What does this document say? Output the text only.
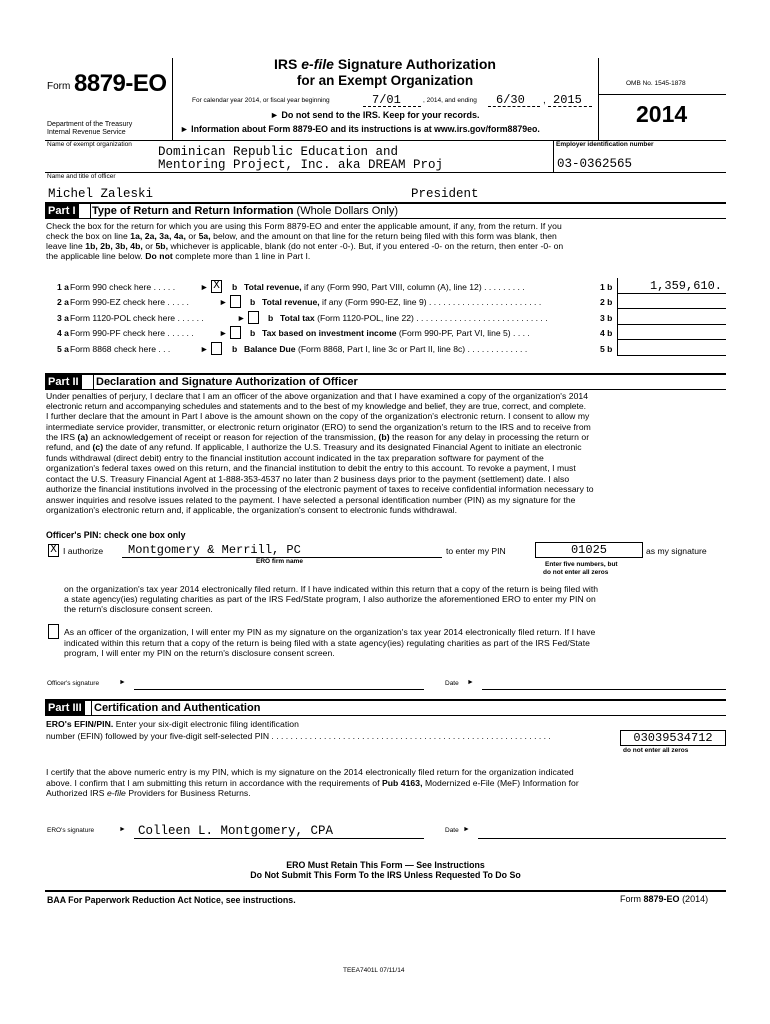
Form 8879-EO
Department of the Treasury
Internal Revenue Service
IRS e-file Signature Authorization
for an Exempt Organization
For calendar year 2014, or fiscal year beginning	7/01	, 2014, and ending 6/30 , 2015
► Do not send to the IRS. Keep for your records.
► Information about Form 8879-EO and its instructions is at www.irs.gov/form8879eo.
OMB No. 1545-1878
2014
Name of exempt organization
Dominican Republic Education and
Mentoring Project, Inc. aka DREAM Proj
Employer identification number
03-0362565
Name and title of officer
Michel Zaleski	President
Part I Type of Return and Return Information (Whole Dollars Only)
Check the box for the return for which you are using this Form 8879-EO and enter the applicable amount, if any, from the return. If you
check the box on line 1a, 2a, 3a, 4a, or 5a, below, and the amount on that line for the return being filed with this form was blank, then
leave line 1b, 2b, 3b, 4b, or 5b, whichever is applicable, blank (do not enter -0-). But, if you entered -0- on the return, then enter -0- on
the applicable line below. Do not complete more than 1 line in Part I.
1 a Form 990 check here . . . . .	► X b Total revenue, if any (Form 990, Part VIII, column (A), line 12) . . . . . . . . .	1 b	1,359,610.
2 a Form 990-EZ check here . . . . .	►	b Total revenue, if any (Form 990-EZ, line 9) . . . . . . . . . . . . . . . . . . . . . . . .	2 b
3 a Form 1120-POL check here . . . . . .	►	b Total tax (Form 1120-POL, line 22) . . . . . . . . . . . . . . . . . . . . . . . . . . . .	3 b
4 a Form 990-PF check here . . . . . .	►	b Tax based on investment income (Form 990-PF, Part VI, line 5) . . . .	4 b
5 a Form 8868 check here . . .	►	b Balance Due (Form 8868, Part I, line 3c or Part II, line 8c) . . . . . . . . . . . . .	5 b
Part II Declaration and Signature Authorization of Officer
Under penalties of perjury, I declare that I am an officer of the above organization and that I have examined a copy of the organization's 2014
electronic return and accompanying schedules and statements and to the best of my knowledge and belief, they are true, correct, and complete.
I further declare that the amount in Part I above is the amount shown on the copy of the organization's electronic return. I consent to allow my
intermediate service provider, transmitter, or electronic return originator (ERO) to send the organization's return to the IRS and to receive from
the IRS (a) an acknowledgement of receipt or reason for rejection of the transmission, (b) the reason for any delay in processing the return or
refund, and (c) the date of any refund. If applicable, I authorize the U.S. Treasury and its designated Financial Agent to initiate an electronic
funds withdrawal (direct debit) entry to the financial institution account indicated in the tax preparation software for payment of the
organization's federal taxes owed on this return, and the financial institution to debit the entry to this account. To revoke a payment, I must
contact the U.S. Treasury Financial Agent at 1-888-353-4537 no later than 2 business days prior to the payment (settlement) date. I also
authorize the financial institutions involved in the processing of the electronic payment of taxes to receive confidential information necessary to
answer inquiries and resolve issues related to the payment. I have selected a personal identification number (PIN) as my signature for the
organization's electronic return and, if applicable, the organization's consent to electronic funds withdrawal.
Officer's PIN: check one box only
X I authorize Montgomery & Merrill, PC
ERO firm name
to enter my PIN	01025	as my signature
Enter five numbers, but
do not enter all zeros
on the organization's tax year 2014 electronically filed return. If I have indicated within this return that a copy of the return is being filed with
a state agency(ies) regulating charities as part of the IRS Fed/State program, I also authorize the aforementioned ERO to enter my PIN on
the return's disclosure consent screen.
As an officer of the organization, I will enter my PIN as my signature on the organization's tax year 2014 electronically filed return. If I have
indicated within this return that a copy of the return is being filed with a state agency(ies) regulating charities as part of the IRS Fed/State
program, I will enter my PIN on the return's disclosure consent screen.
Officer's signature	►	Date ►
Part III Certification and Authentication
ERO's EFIN/PIN. Enter your six-digit electronic filing identification
number (EFIN) followed by your five-digit self-selected PIN . . . . . . . . . . . . . . . . . . . . . . . . . . . . . . . . . . . . . . . . . . . . . . . . . . . . . . . . . . .	03039534712
do not enter all zeros
I certify that the above numeric entry is my PIN, which is my signature on the 2014 electronically filed return for the organization indicated
above. I confirm that I am submitting this return in accordance with the requirements of Pub 4163, Modernized e-File (MeF) Information for
Authorized IRS e-file Providers for Business Returns.
ERO's signature	► Colleen L. Montgomery, CPA	Date ►
ERO Must Retain This Form — See Instructions
Do Not Submit This Form To the IRS Unless Requested To Do So
BAA For Paperwork Reduction Act Notice, see instructions.	Form 8879-EO (2014)
TEEA7401L 07/11/14
